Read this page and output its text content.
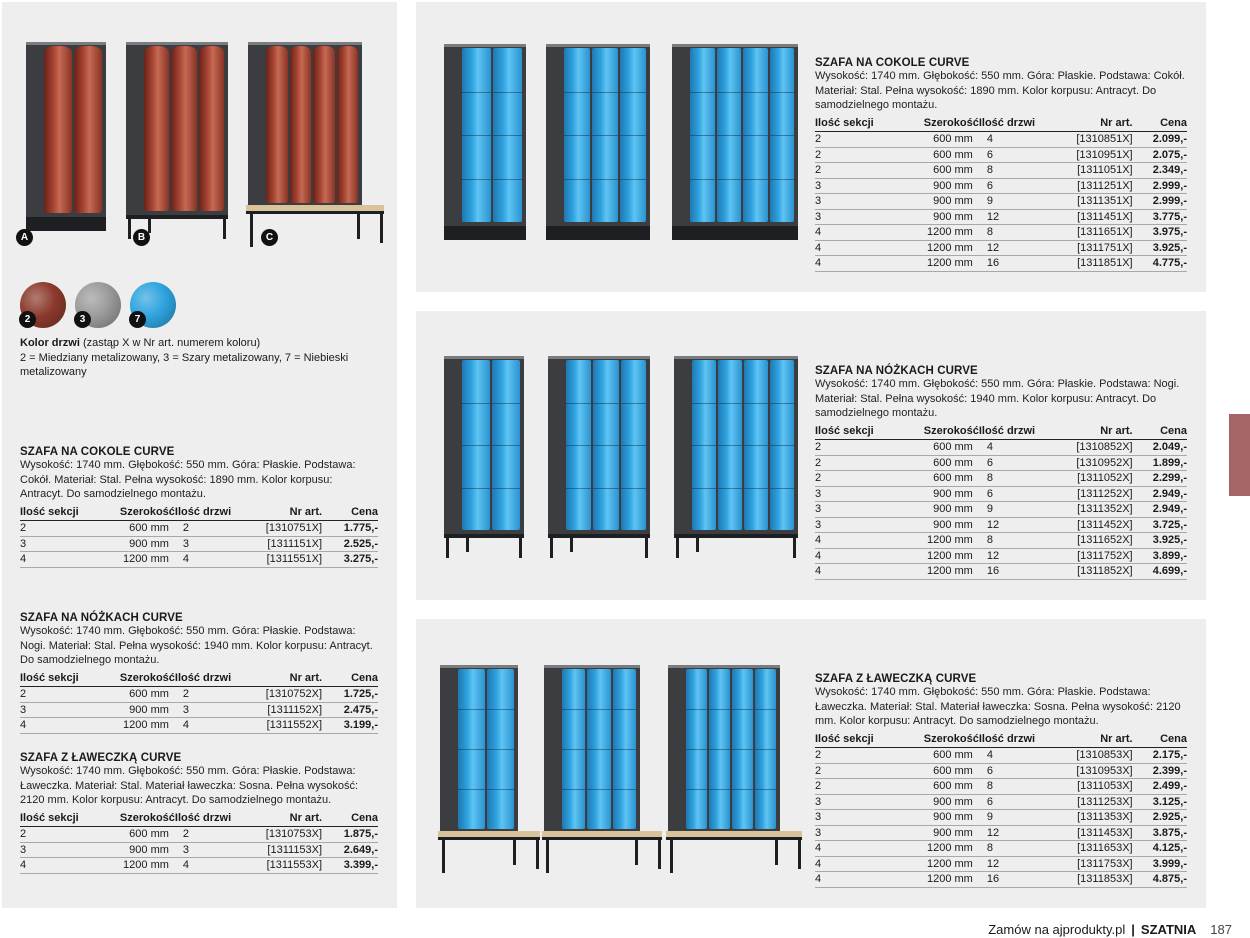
A	B	C
2	3	7
Kolor drzwi (zastąp X w Nr art. numerem koloru)
2 = Miedziany metalizowany, 3 = Szary metalizowany, 7 = Niebieski metalizowany
SZAFA NA COKOLE CURVE
Wysokość: 1740 mm. Głębokość: 550 mm. Góra: Płaskie. Podstawa: Cokół. Materiał: Stal. Pełna wysokość: 1890 mm. Kolor korpusu: Antracyt. Do samodzielnego montażu.
Ilość sekcji	Szerokość	Ilość drzwi	Nr art.	Cena
2	600 mm	2	[1310751X]	1.775,-
3	900 mm	3	[1311151X]	2.525,-
4	1200 mm	4	[1311551X]	3.275,-
SZAFA NA NÓŻKACH CURVE
Wysokość: 1740 mm. Głębokość: 550 mm. Góra: Płaskie. Podstawa: Nogi. Materiał: Stal. Pełna wysokość: 1940 mm. Kolor korpusu: Antracyt. Do samodzielnego montażu.
Ilość sekcji	Szerokość	Ilość drzwi	Nr art.	Cena
2	600 mm	2	[1310752X]	1.725,-
3	900 mm	3	[1311152X]	2.475,-
4	1200 mm	4	[1311552X]	3.199,-
SZAFA Z ŁAWECZKĄ CURVE
Wysokość: 1740 mm. Głębokość: 550 mm. Góra: Płaskie. Podstawa: Ławeczka. Materiał: Stal. Materiał ławeczka: Sosna. Pełna wysokość: 2120 mm. Kolor korpusu: Antracyt. Do samodzielnego montażu.
Ilość sekcji	Szerokość	Ilość drzwi	Nr art.	Cena
2	600 mm	2	[1310753X]	1.875,-
3	900 mm	3	[1311153X]	2.649,-
4	1200 mm	4	[1311553X]	3.399,-
SZAFA NA COKOLE CURVE
Wysokość: 1740 mm. Głębokość: 550 mm. Góra: Płaskie. Podstawa: Cokół. Materiał: Stal. Pełna wysokość: 1890 mm. Kolor korpusu: Antracyt. Do samodzielnego montażu.
Ilość sekcji	Szerokość	Ilość drzwi	Nr art.	Cena
2	600 mm	4	[1310851X]	2.099,-
2	600 mm	6	[1310951X]	2.075,-
2	600 mm	8	[1311051X]	2.349,-
3	900 mm	6	[1311251X]	2.999,-
3	900 mm	9	[1311351X]	2.999,-
3	900 mm	12	[1311451X]	3.775,-
4	1200 mm	8	[1311651X]	3.975,-
4	1200 mm	12	[1311751X]	3.925,-
4	1200 mm	16	[1311851X]	4.775,-
SZAFA NA NÓŻKACH CURVE
Wysokość: 1740 mm. Głębokość: 550 mm. Góra: Płaskie. Podstawa: Nogi. Materiał: Stal. Pełna wysokość: 1940 mm. Kolor korpusu: Antracyt. Do samodzielnego montażu.
Ilość sekcji	Szerokość	Ilość drzwi	Nr art.	Cena
2	600 mm	4	[1310852X]	2.049,-
2	600 mm	6	[1310952X]	1.899,-
2	600 mm	8	[1311052X]	2.299,-
3	900 mm	6	[1311252X]	2.949,-
3	900 mm	9	[1311352X]	2.949,-
3	900 mm	12	[1311452X]	3.725,-
4	1200 mm	8	[1311652X]	3.925,-
4	1200 mm	12	[1311752X]	3.899,-
4	1200 mm	16	[1311852X]	4.699,-
SZAFA Z ŁAWECZKĄ CURVE
Wysokość: 1740 mm. Głębokość: 550 mm. Góra: Płaskie. Podstawa: Ławeczka. Materiał: Stal. Materiał ławeczka: Sosna. Pełna wysokość: 2120 mm. Kolor korpusu: Antracyt. Do samodzielnego montażu.
Ilość sekcji	Szerokość	Ilość drzwi	Nr art.	Cena
2	600 mm	4	[1310853X]	2.175,-
2	600 mm	6	[1310953X]	2.399,-
2	600 mm	8	[1311053X]	2.499,-
3	900 mm	6	[1311253X]	3.125,-
3	900 mm	9	[1311353X]	2.925,-
3	900 mm	12	[1311453X]	3.875,-
4	1200 mm	8	[1311653X]	4.125,-
4	1200 mm	12	[1311753X]	3.999,-
4	1200 mm	16	[1311853X]	4.875,-
Zamów na ajprodukty.pl | SZATNIA 187
